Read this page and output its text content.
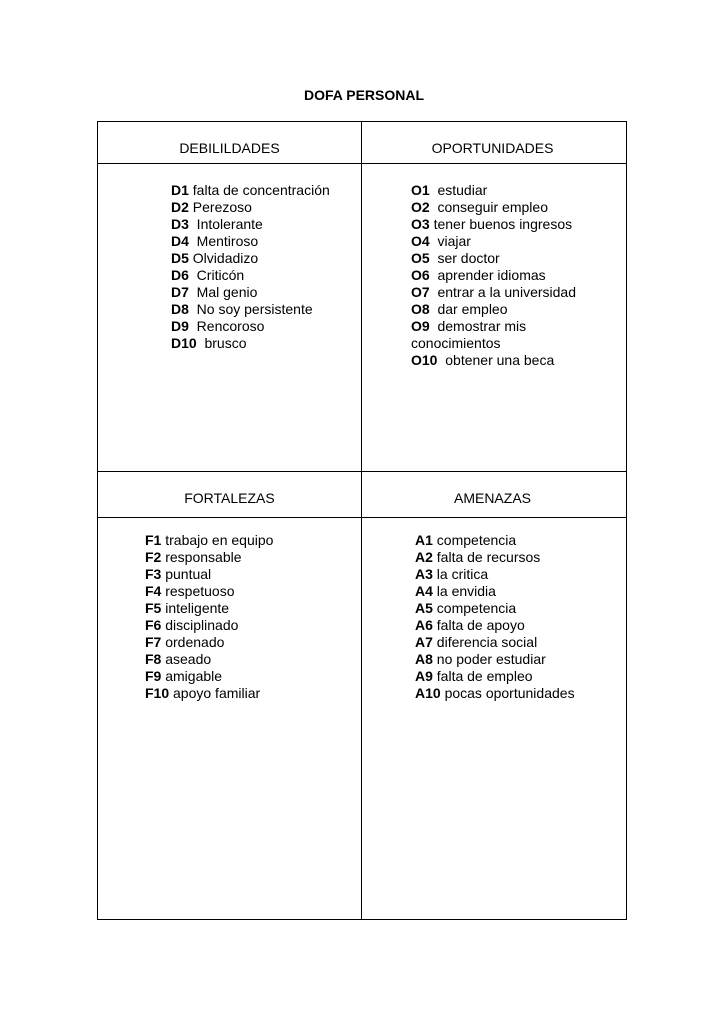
DOFA PERSONAL
DEBILILDADES	OPORTUNIDADES
FORTALEZAS	AMENAZAS
D1 falta de concentración
D2 Perezoso
D3  Intolerante
D4  Mentiroso
D5 Olvidadizo
D6  Criticón
D7  Mal genio
D8  No soy persistente
D9  Rencoroso
D10  brusco
O1  estudiar
O2  conseguir empleo
O3 tener buenos ingresos
O4  viajar
O5  ser doctor
O6  aprender idiomas
O7  entrar a la universidad
O8  dar empleo
O9  demostrar mis
conocimientos
O10  obtener una beca
F1 trabajo en equipo
F2 responsable
F3 puntual
F4 respetuoso
F5 inteligente
F6 disciplinado
F7 ordenado
F8 aseado
F9 amigable
F10 apoyo familiar
A1 competencia
A2 falta de recursos
A3 la critica
A4 la envidia
A5 competencia
A6 falta de apoyo
A7 diferencia social
A8 no poder estudiar
A9 falta de empleo
A10 pocas oportunidades
